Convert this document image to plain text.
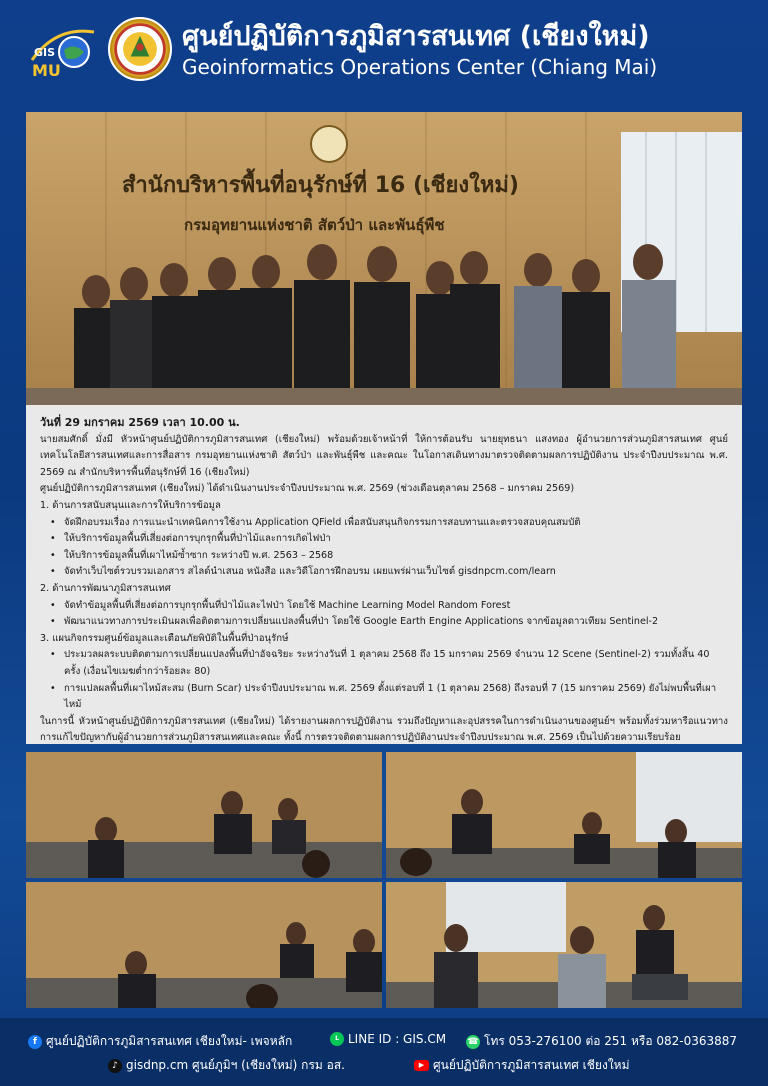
GIS
MU
ศูนย์ปฏิบัติการภูมิสารสนเทศ (เชียงใหม่)
Geoinformatics Operations Center (Chiang Mai)
สำนักบริหารพื้นที่อนุรักษ์ที่ 16 (เชียงใหม่)
กรมอุทยานแห่งชาติ สัตว์ป่า และพันธุ์พืช
วันที่ 29 มกราคม 2569 เวลา 10.00 น.

นายสมศักดิ์ มั่งมี หัวหน้าศูนย์ปฏิบัติการภูมิสารสนเทศ (เชียงใหม่) พร้อมด้วยเจ้าหน้าที่ ให้การต้อนรับ นายยุทธนา แสงทอง ผู้อำนวยการส่วนภูมิสารสนเทศ ศูนย์เทคโนโลยีสารสนเทศและการสื่อสาร กรมอุทยานแห่งชาติ สัตว์ป่า และพันธุ์พืช และคณะ ในโอกาสเดินทางมาตรวจติดตามผลการปฏิบัติงาน ประจำปีงบประมาณ พ.ศ. 2569 ณ สำนักบริหารพื้นที่อนุรักษ์ที่ 16 (เชียงใหม่)

ศูนย์ปฏิบัติการภูมิสารสนเทศ (เชียงใหม่) ได้ดำเนินงานประจำปีงบประมาณ พ.ศ. 2569 (ช่วงเดือนตุลาคม 2568 – มกราคม 2569)

1. ด้านการสนับสนุนและการให้บริการข้อมูล
• จัดฝึกอบรมเรื่อง การแนะนำเทคนิคการใช้งาน Application QField เพื่อสนับสนุนกิจกรรมการสอบทานและตรวจสอบคุณสมบัติ
• ให้บริการข้อมูลพื้นที่เสี่ยงต่อการบุกรุกพื้นที่ป่าไม้และการเกิดไฟป่า
• ให้บริการข้อมูลพื้นที่เผาไหม้ซ้ำซาก ระหว่างปี พ.ศ. 2563 – 2568
• จัดทำเว็บไซต์รวบรวมเอกสาร สไลด์นำเสนอ หนังสือ และวิดีโอการฝึกอบรม เผยแพร่ผ่านเว็บไซต์ gisdnpcm.com/learn
2. ด้านการพัฒนาภูมิสารสนเทศ
• จัดทำข้อมูลพื้นที่เสี่ยงต่อการบุกรุกพื้นที่ป่าไม้และไฟป่า โดยใช้ Machine Learning Model Random Forest
• พัฒนาแนวทางการประเมินผลเพื่อติดตามการเปลี่ยนแปลงพื้นที่ป่า โดยใช้ Google Earth Engine Applications จากข้อมูลดาวเทียม Sentinel-2
3. แผนกิจกรรมศูนย์ข้อมูลและเตือนภัยพิบัติในพื้นที่ป่าอนุรักษ์
• ประมวลผลระบบติดตามการเปลี่ยนแปลงพื้นที่ป่าอัจฉริยะ ระหว่างวันที่ 1 ตุลาคม 2568 ถึง 15 มกราคม 2569 จำนวน 12 Scene (Sentinel-2) รวมทั้งสิ้น 40 ครั้ง (เงื่อนไขเมฆต่ำกว่าร้อยละ 80)
• การแปลผลพื้นที่เผาไหม้สะสม (Burn Scar) ประจำปีงบประมาณ พ.ศ. 2569 ตั้งแต่รอบที่ 1 (1 ตุลาคม 2568) ถึงรอบที่ 7 (15 มกราคม 2569) ยังไม่พบพื้นที่เผาไหม้

ในการนี้ หัวหน้าศูนย์ปฏิบัติการภูมิสารสนเทศ (เชียงใหม่) ได้รายงานผลการปฏิบัติงาน รวมถึงปัญหาและอุปสรรคในการดำเนินงานของศูนย์ฯ พร้อมทั้งร่วมหารือแนวทางการแก้ไขปัญหากับผู้อำนวยการส่วนภูมิสารสนเทศและคณะ ทั้งนี้ การตรวจติดตามผลการปฏิบัติงานประจำปีงบประมาณ พ.ศ. 2569 เป็นไปด้วยความเรียบร้อย

f ศูนย์ปฏิบัติการภูมิสารสนเทศ เชียงใหม่- เพจหลัก	L LINE ID : GIS.CM ☎ โทร 053-276100 ต่อ 251 หรือ 082-0363887
♪ gisdnp.cm ศูนย์ภูมิฯ (เชียงใหม่) กรม อส.	▶ ศูนย์ปฏิบัติการภูมิสารสนเทศ เชียงใหม่
